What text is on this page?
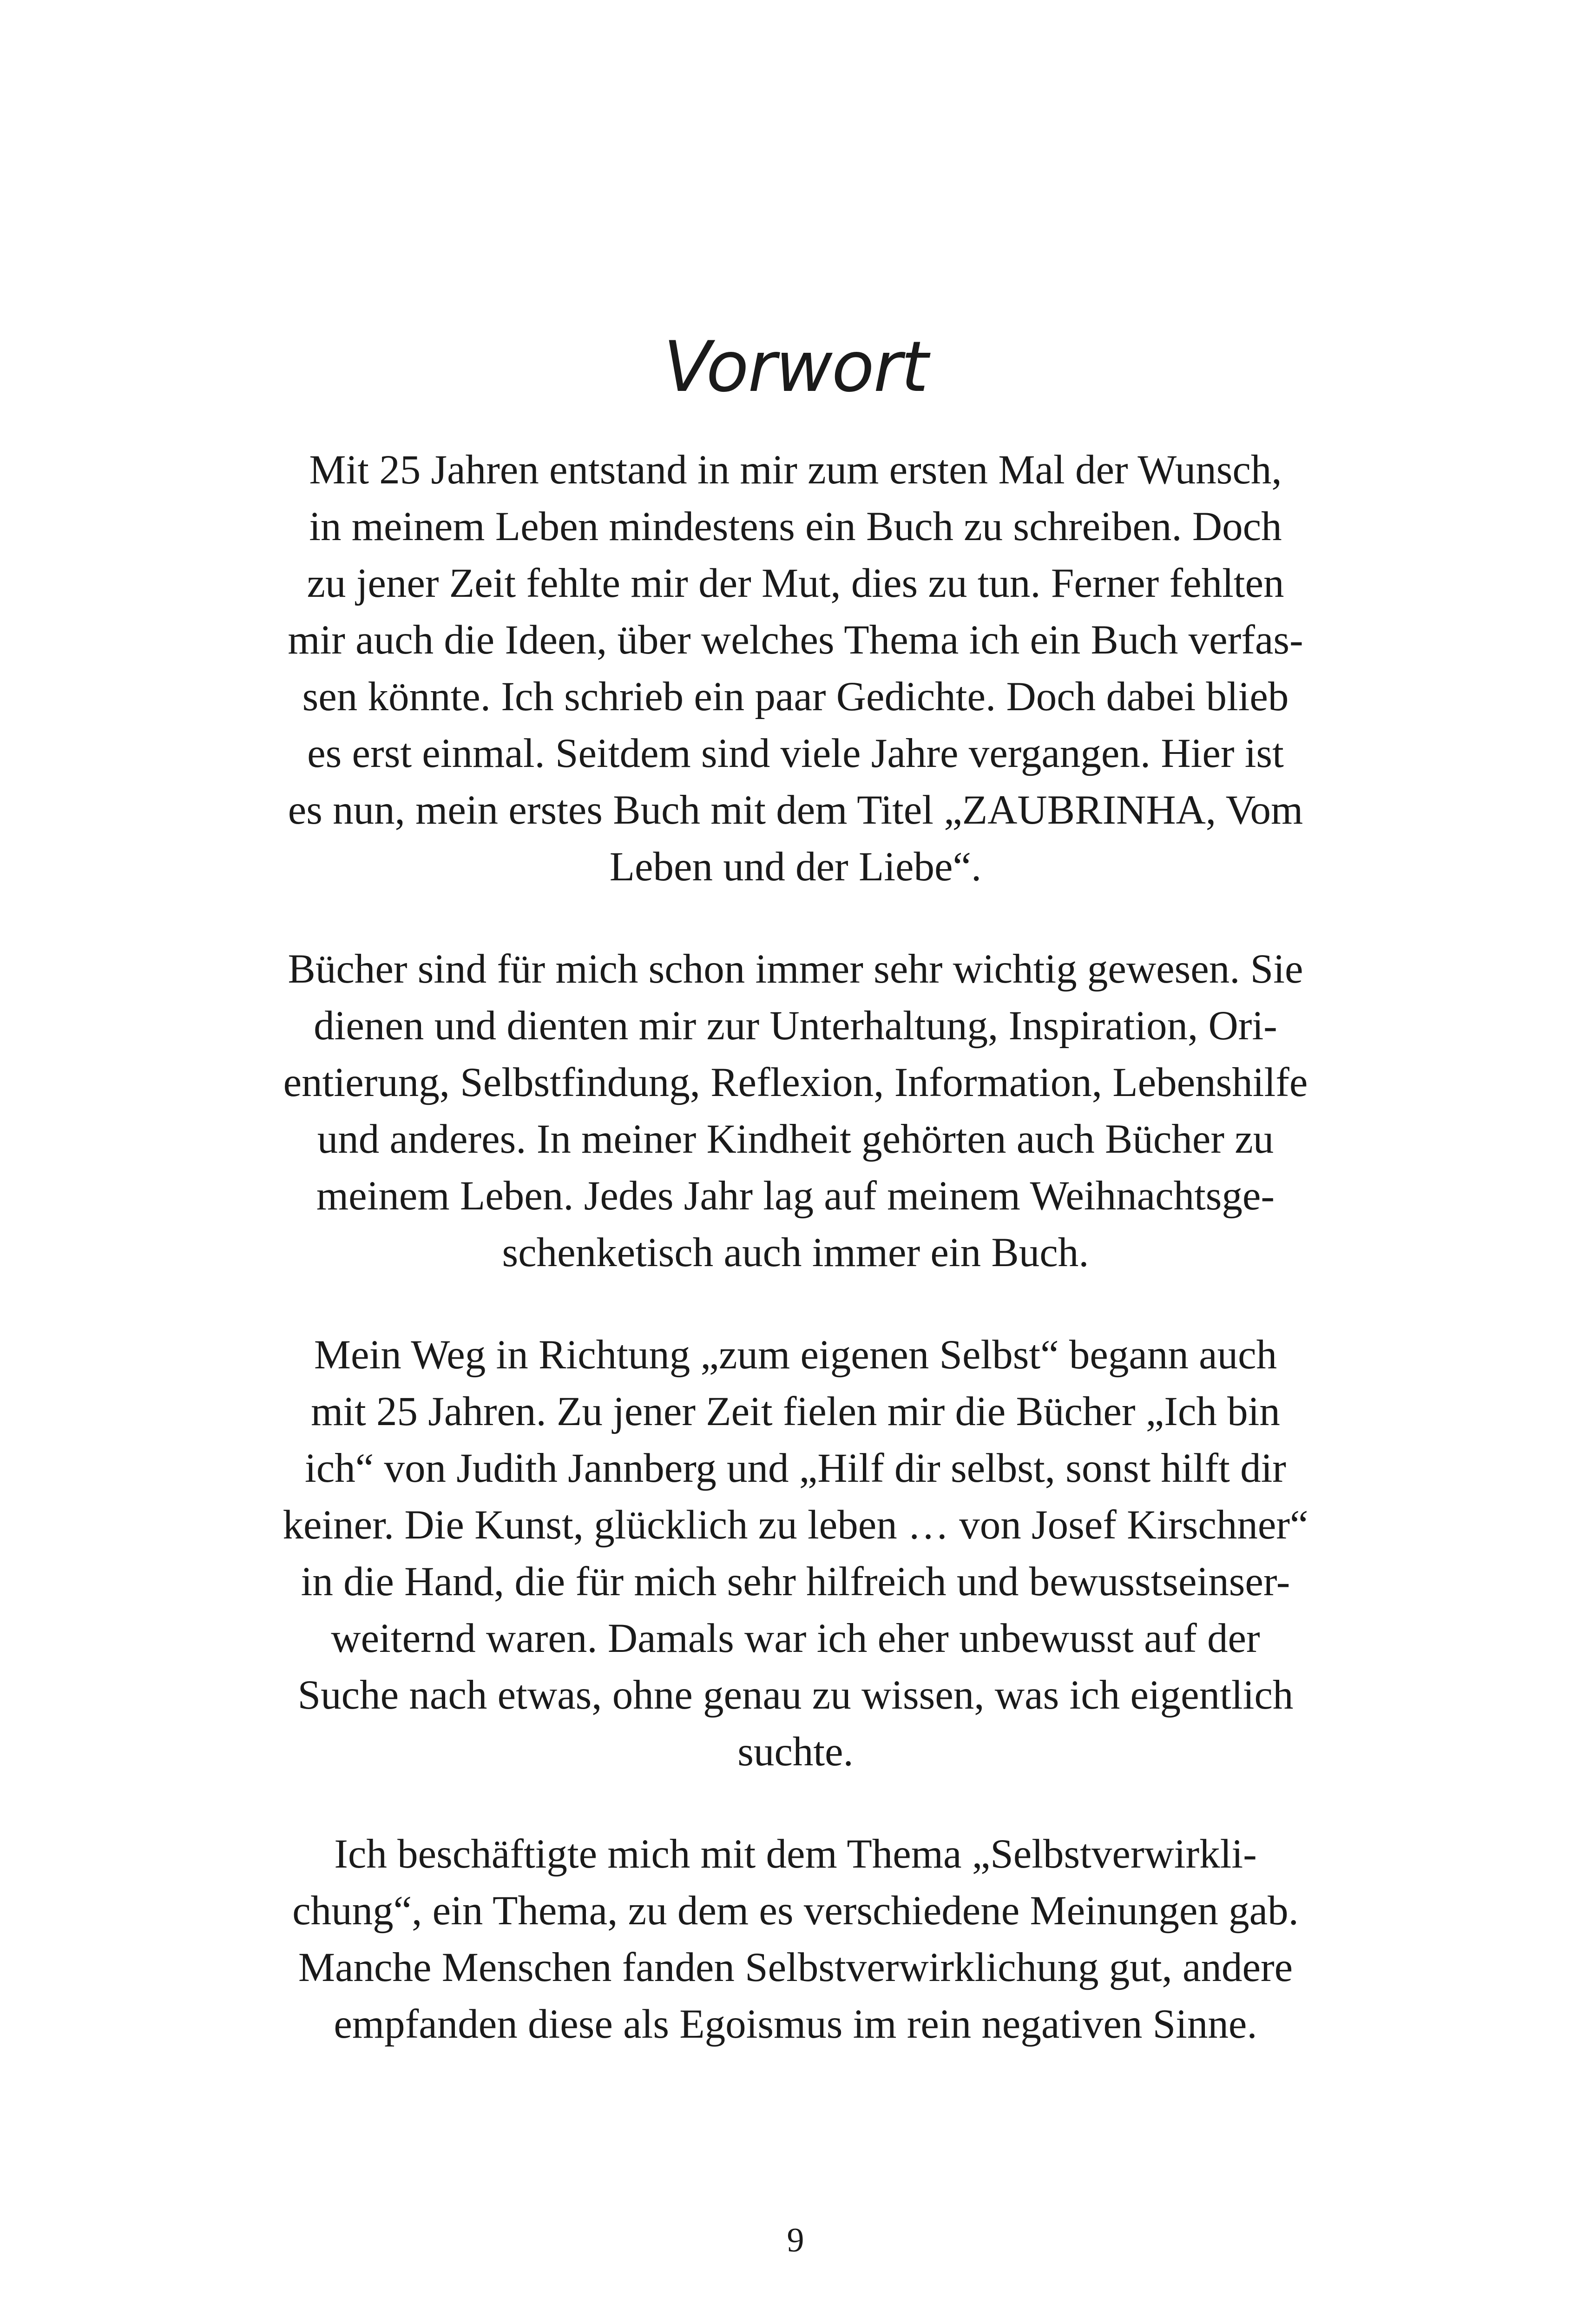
Vorwort

Mit 25 Jahren entstand in mir zum ersten Mal der Wunsch,
in meinem Leben mindestens ein Buch zu schreiben. Doch
zu jener Zeit fehlte mir der Mut, dies zu tun. Ferner fehlten
mir auch die Ideen, über welches Thema ich ein Buch verfas-
sen könnte. Ich schrieb ein paar Gedichte. Doch dabei blieb
es erst einmal. Seitdem sind viele Jahre vergangen. Hier ist
es nun, mein erstes Buch mit dem Titel „ZAUBRINHA, Vom
Leben und der Liebe“.

Bücher sind für mich schon immer sehr wichtig gewesen. Sie
dienen und dienten mir zur Unterhaltung, Inspiration, Ori-
entierung, Selbstfindung, Reflexion, Information, Lebenshilfe
und anderes. In meiner Kindheit gehörten auch Bücher zu
meinem Leben. Jedes Jahr lag auf meinem Weihnachtsge-
schenketisch auch immer ein Buch.

Mein Weg in Richtung „zum eigenen Selbst“ begann auch
mit 25 Jahren. Zu jener Zeit fielen mir die Bücher „Ich bin
ich“ von Judith Jannberg und „Hilf dir selbst, sonst hilft dir
keiner. Die Kunst, glücklich zu leben … von Josef Kirschner“
in die Hand, die für mich sehr hilfreich und bewusstseinser-
weiternd waren. Damals war ich eher unbewusst auf der
Suche nach etwas, ohne genau zu wissen, was ich eigentlich
suchte.

Ich beschäftigte mich mit dem Thema „Selbstverwirkli-
chung“, ein Thema, zu dem es verschiedene Meinungen gab.
Manche Menschen fanden Selbstverwirklichung gut, andere
empfanden diese als Egoismus im rein negativen Sinne.

9
